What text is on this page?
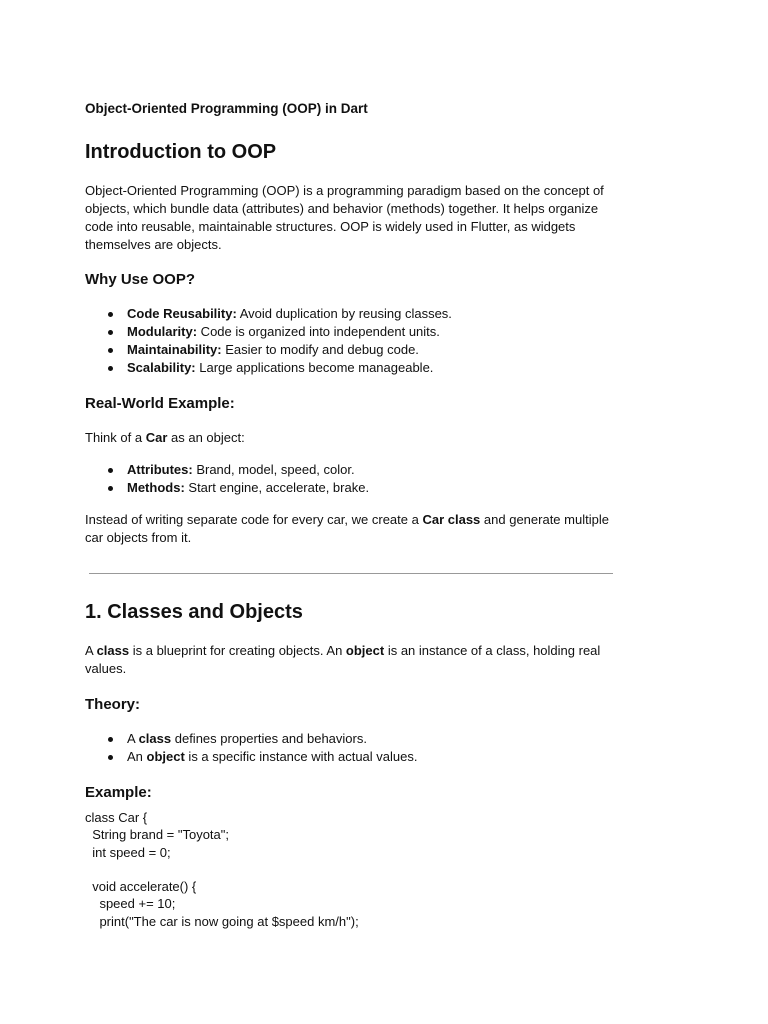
Object-Oriented Programming (OOP) in Dart
Introduction to OOP
Object-Oriented Programming (OOP) is a programming paradigm based on the concept of
objects, which bundle data (attributes) and behavior (methods) together. It helps organize
code into reusable, maintainable structures. OOP is widely used in Flutter, as widgets
themselves are objects.
Why Use OOP?
Code Reusability: Avoid duplication by reusing classes.
Modularity: Code is organized into independent units.
Maintainability: Easier to modify and debug code.
Scalability: Large applications become manageable.
Real-World Example:
Think of a Car as an object:
Attributes: Brand, model, speed, color.
Methods: Start engine, accelerate, brake.
Instead of writing separate code for every car, we create a Car class and generate multiple
car objects from it.
1. Classes and Objects
A class is a blueprint for creating objects. An object is an instance of a class, holding real
values.
Theory:
A class defines properties and behaviors.
An object is a specific instance with actual values.
Example:
class Car {
String brand = "Toyota";
int speed = 0;

void accelerate() {
speed += 10;
print("The car is now going at $speed km/h");
